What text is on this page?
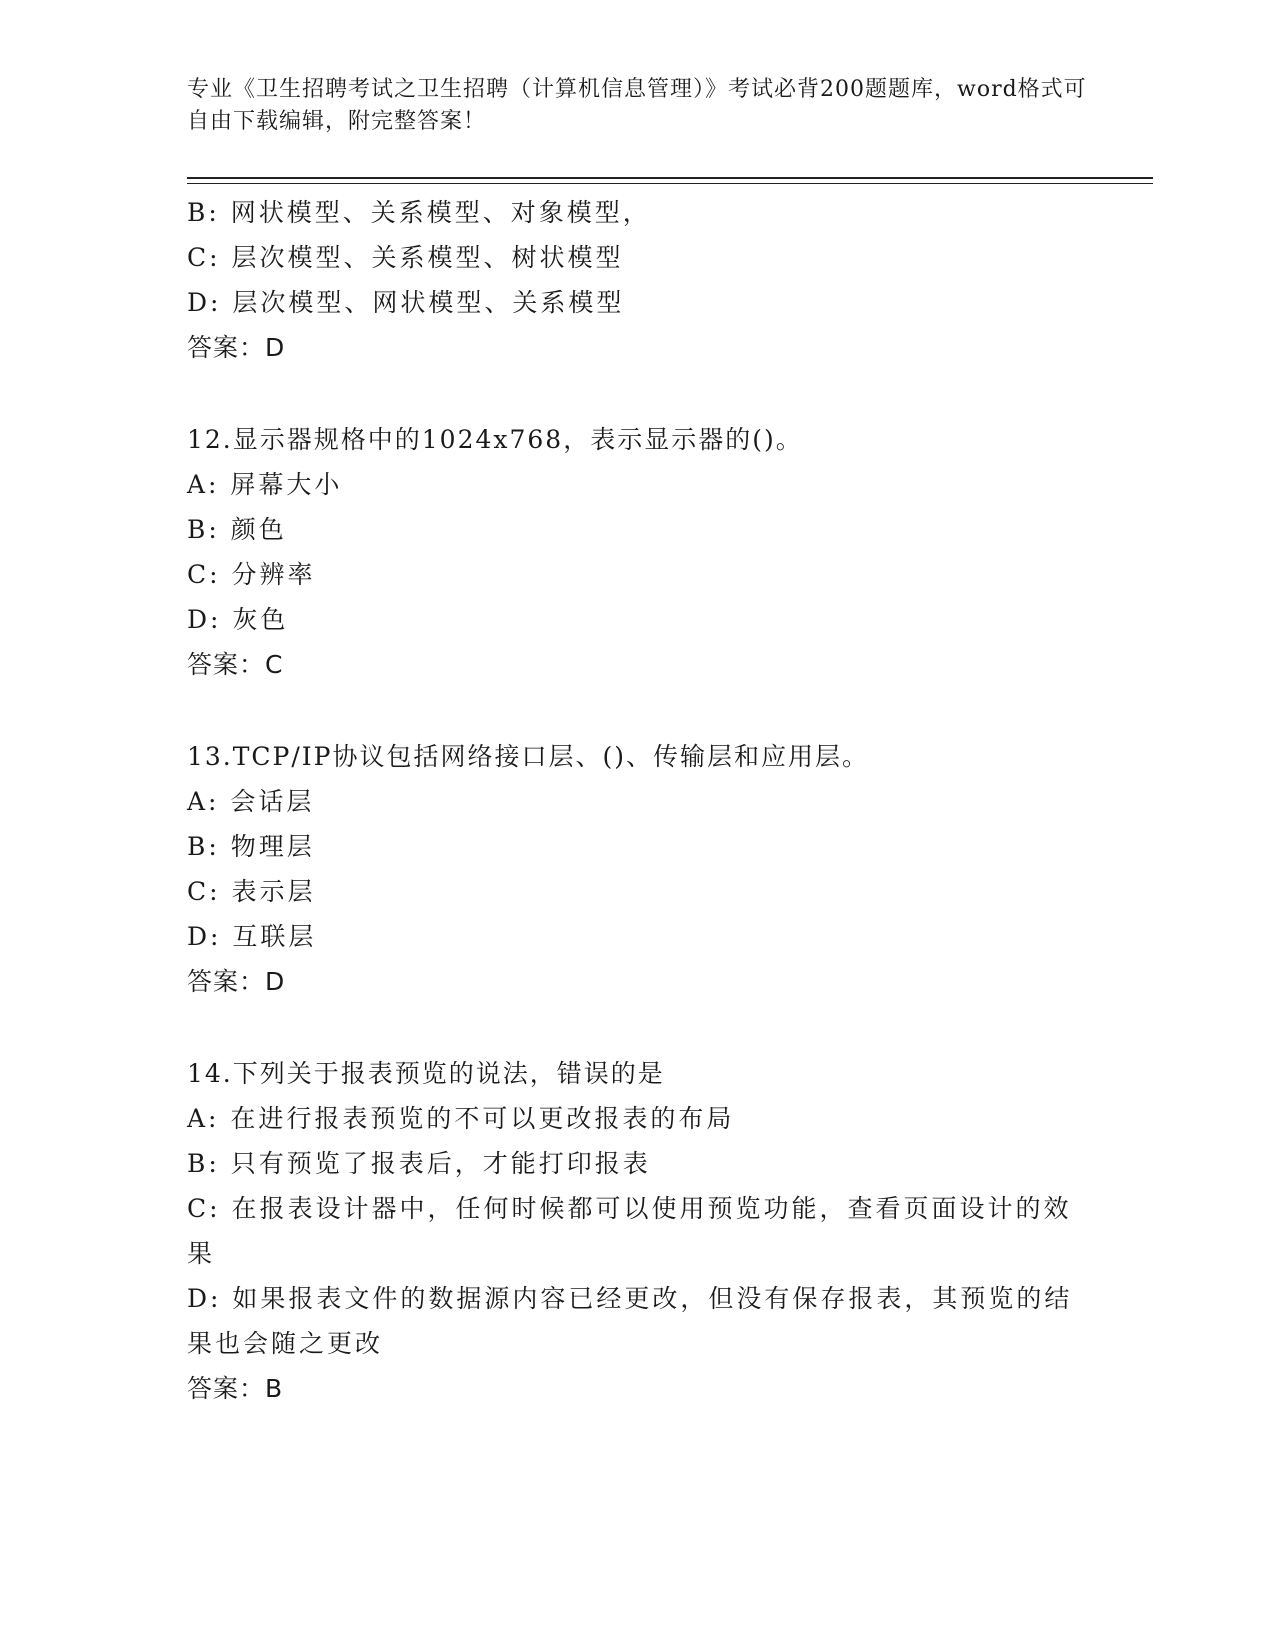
专业《卫生招聘考试之卫生招聘（计算机信息管理）》考试必背200题题库，word格式可自由下载编辑，附完整答案！
B: 网状模型、关系模型、对象模型，
C: 层次模型、关系模型、树状模型
D: 层次模型、网状模型、关系模型
答案：D
12.显示器规格中的1024x768，表示显示器的()。
A: 屏幕大小
B: 颜色
C: 分辨率
D: 灰色
答案：C
13.TCP/IP协议包括网络接口层、()、传输层和应用层。
A: 会话层
B: 物理层
C: 表示层
D: 互联层
答案：D
14.下列关于报表预览的说法，错误的是
A: 在进行报表预览的不可以更改报表的布局
B: 只有预览了报表后，才能打印报表
C: 在报表设计器中，任何时候都可以使用预览功能，查看页面设计的效果
D: 如果报表文件的数据源内容已经更改，但没有保存报表，其预览的结果也会随之更改
答案：B
